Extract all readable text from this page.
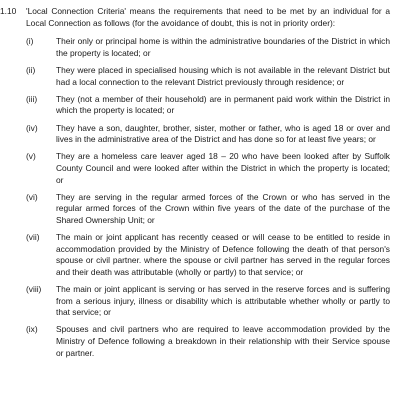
1.10	'Local Connection Criteria' means the requirements that need to be met by an individual for a Local Connection as follows (for the avoidance of doubt, this is not in priority order):
(i)	Their only or principal home is within the administrative boundaries of the District in which the property is located; or
(ii)	They were placed in specialised housing which is not available in the relevant District but had a local connection to the relevant District previously through residence; or
(iii)	They (not a member of their household) are in permanent paid work within the District in which the property is located; or
(iv)	They have a son, daughter, brother, sister, mother or father, who is aged 18 or over and lives in the administrative area of the District and has done so for at least five years; or
(v)	They are a homeless care leaver aged 18 – 20 who have been looked after by Suffolk County Council and were looked after within the District in which the property is located; or
(vi)	They are serving in the regular armed forces of the Crown or who has served in the regular armed forces of the Crown within five years of the date of the purchase of the Shared Ownership Unit; or
(vii)	The main or joint applicant has recently ceased or will cease to be entitled to reside in accommodation provided by the Ministry of Defence following the death of that person's spouse or civil partner. where the spouse or civil partner has served in the regular forces and their death was attributable (wholly or partly) to that service; or
(viii)	The main or joint applicant is serving or has served in the reserve forces and is suffering from a serious injury, illness or disability which is attributable whether wholly or partly to that service; or
(ix)	Spouses and civil partners who are required to leave accommodation provided by the Ministry of Defence following a breakdown in their relationship with their Service spouse or partner.
